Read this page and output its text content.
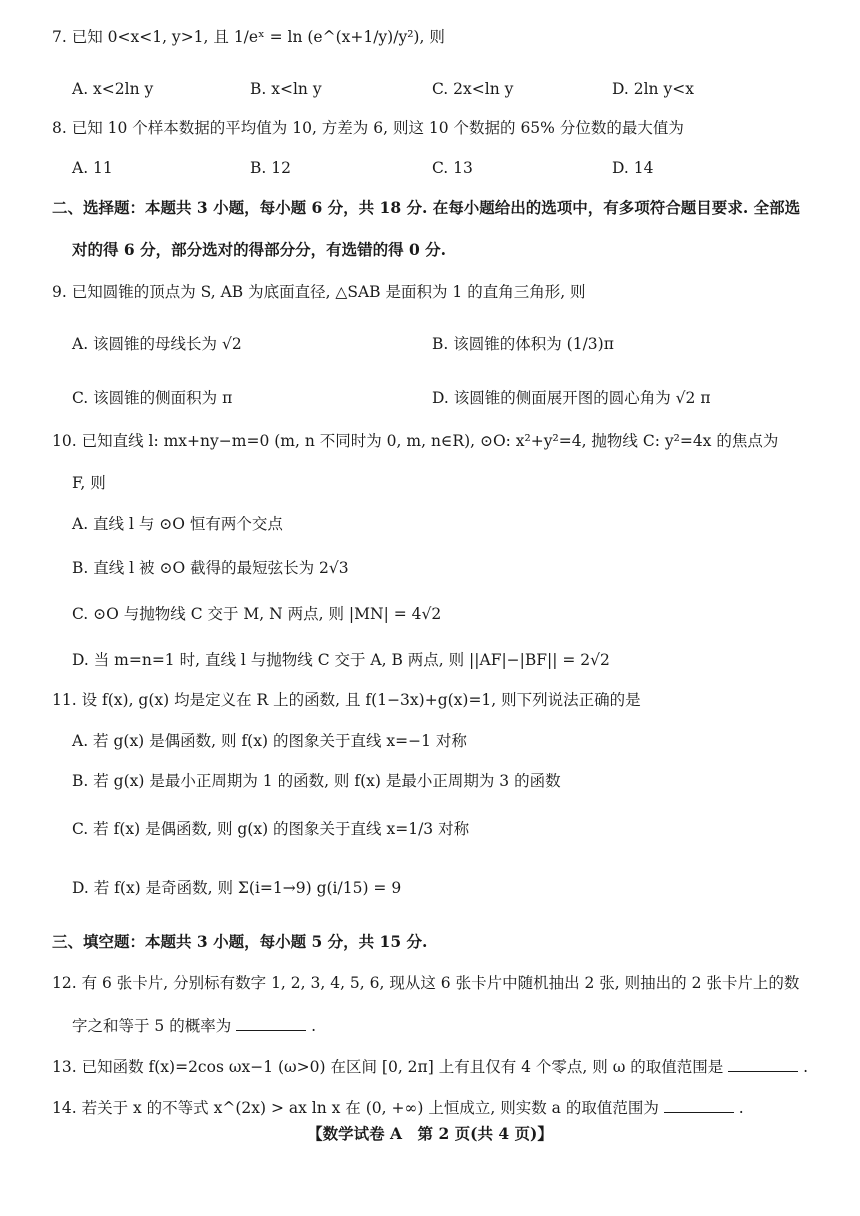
7. 已知 0<x<1, y>1, 且 1/eˣ = ln (e^(x+1/y)/y²), 则
A. x<2ln y	B. x<ln y	C. 2x<ln y	D. 2ln y<x
8. 已知 10 个样本数据的平均值为 10, 方差为 6, 则这 10 个数据的 65% 分位数的最大值为
A. 11	B. 12	C. 13	D. 14
二、选择题：本题共 3 小题，每小题 6 分，共 18 分. 在每小题给出的选项中，有多项符合题目要求. 全部选
对的得 6 分，部分选对的得部分分，有选错的得 0 分.
9. 已知圆锥的顶点为 S, AB 为底面直径, △SAB 是面积为 1 的直角三角形, 则
A. 该圆锥的母线长为 √2	B. 该圆锥的体积为 (1/3)π
C. 该圆锥的侧面积为 π	D. 该圆锥的侧面展开图的圆心角为 √2 π
10. 已知直线 l: mx+ny−m=0 (m, n 不同时为 0, m, n∈R), ⊙O: x²+y²=4, 抛物线 C: y²=4x 的焦点为
F, 则
A. 直线 l 与 ⊙O 恒有两个交点
B. 直线 l 被 ⊙O 截得的最短弦长为 2√3
C. ⊙O 与抛物线 C 交于 M, N 两点, 则 |MN| = 4√2
D. 当 m=n=1 时, 直线 l 与抛物线 C 交于 A, B 两点, 则 ||AF|−|BF|| = 2√2
11. 设 f(x), g(x) 均是定义在 R 上的函数, 且 f(1−3x)+g(x)=1, 则下列说法正确的是
A. 若 g(x) 是偶函数, 则 f(x) 的图象关于直线 x=−1 对称
B. 若 g(x) 是最小正周期为 1 的函数, 则 f(x) 是最小正周期为 3 的函数
C. 若 f(x) 是偶函数, 则 g(x) 的图象关于直线 x=1/3 对称
D. 若 f(x) 是奇函数, 则 Σ(i=1→9) g(i/15) = 9
三、填空题：本题共 3 小题，每小题 5 分，共 15 分.
12. 有 6 张卡片, 分别标有数字 1, 2, 3, 4, 5, 6, 现从这 6 张卡片中随机抽出 2 张, 则抽出的 2 张卡片上的数
字之和等于 5 的概率为	.
13. 已知函数 f(x)=2cos ωx−1 (ω>0) 在区间 [0, 2π] 上有且仅有 4 个零点, 则 ω 的取值范围是	.
14. 若关于 x 的不等式 x^(2x) > ax ln x 在 (0, +∞) 上恒成立, 则实数 a 的取值范围为	.
【数学试卷 A　第 2 页(共 4 页)】
